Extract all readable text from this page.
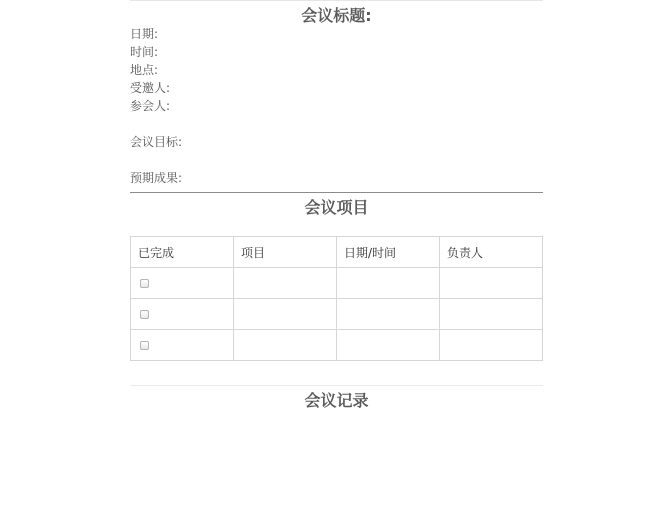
会议标题:
日期:
时间:
地点:
受邀人:
参会人:
会议目标:
预期成果:
会议项目
已完成	项目	日期/时间	负责人

会议记录
